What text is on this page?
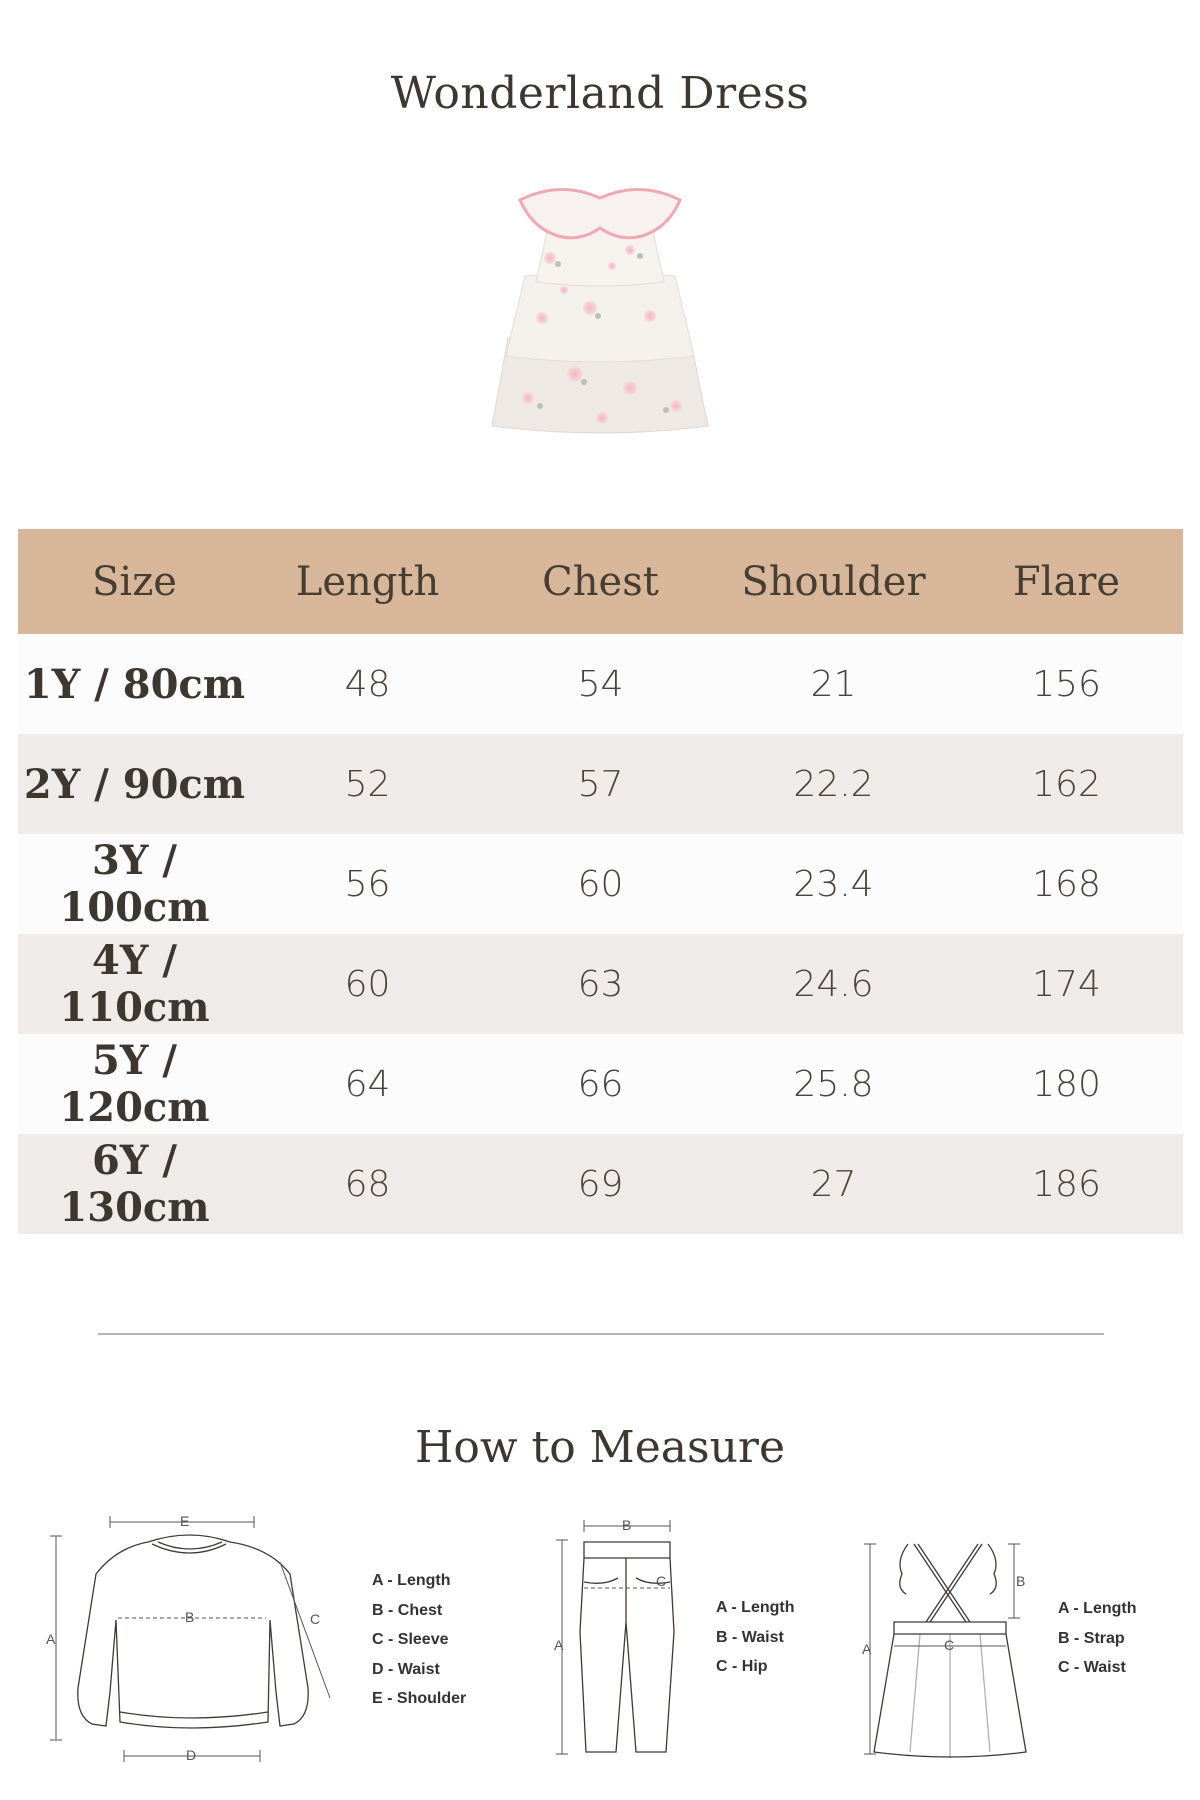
Wonderland Dress
Size	Length	Chest	Shoulder	Flare
1Y / 80cm	48	54	21	156
2Y / 90cm	52	57	22.2	162
3Y / 100cm	56	60	23.4	168
4Y / 110cm	60	63	24.6	174
5Y / 120cm	64	66	25.8	180
6Y / 130cm	68	69	27	186
How to Measure
A
E
B	C
D
A - Length
B - Chest
C - Sleeve
D - Waist
E - Shoulder
A
B
C
A - Length
B - Waist
C - Hip
A
B
C
A - Length
B - Strap
C - Waist
